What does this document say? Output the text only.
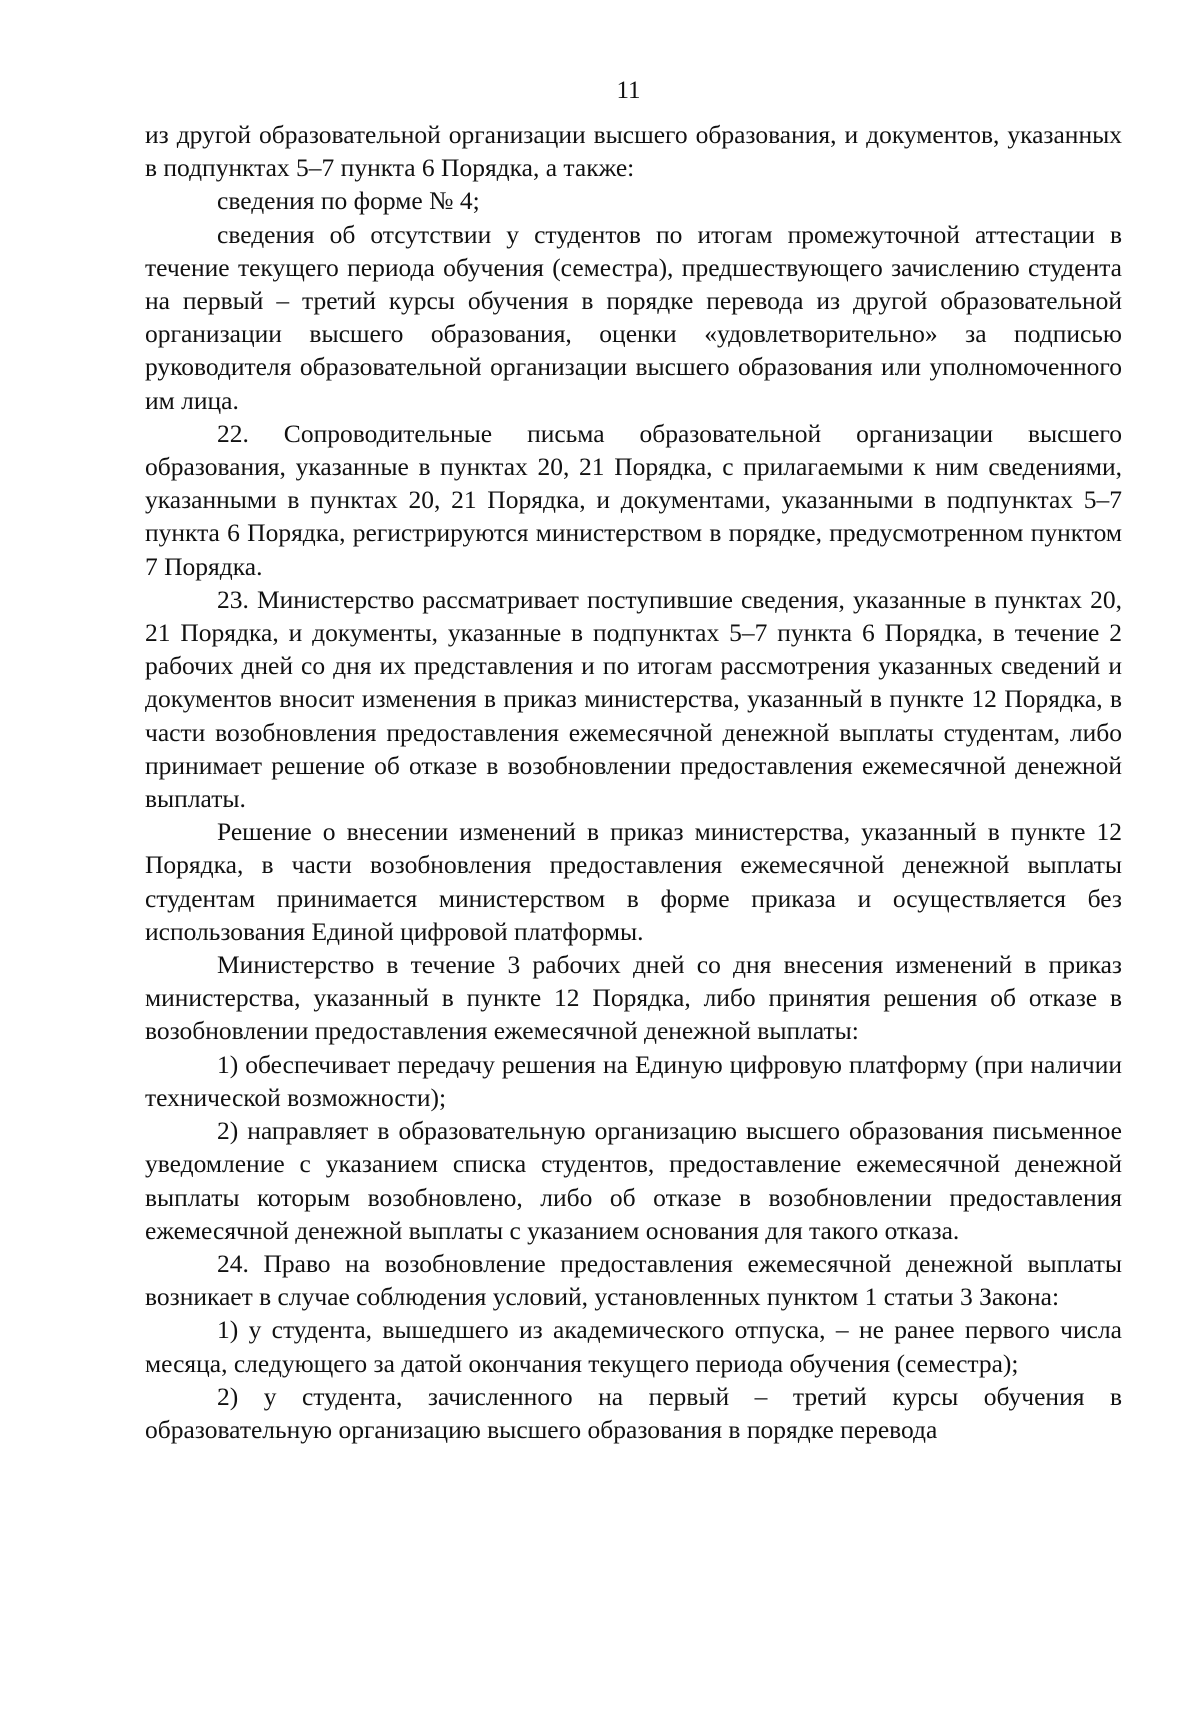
11

из другой образовательной организации высшего образования, и документов, указанных в подпунктах 5–7 пункта 6 Порядка, а также:

сведения по форме № 4;

сведения об отсутствии у студентов по итогам промежуточной аттестации в течение текущего периода обучения (семестра), предшествующего зачислению студента на первый – третий курсы обучения в порядке перевода из другой образовательной организации высшего образования, оценки «удовлетворительно» за подписью руководителя образовательной организации высшего образования или уполномоченного им лица.

22. Сопроводительные письма образовательной организации высшего образования, указанные в пунктах 20, 21 Порядка, с прилагаемыми к ним сведениями, указанными в пунктах 20, 21 Порядка, и документами, указанными в подпунктах 5–7 пункта 6 Порядка, регистрируются министерством в порядке, предусмотренном пунктом 7 Порядка.

23. Министерство рассматривает поступившие сведения, указанные в пунктах 20, 21 Порядка, и документы, указанные в подпунктах 5–7 пункта 6 Порядка, в течение 2 рабочих дней со дня их представления и по итогам рассмотрения указанных сведений и документов вносит изменения в приказ министерства, указанный в пункте 12 Порядка, в части возобновления предоставления ежемесячной денежной выплаты студентам, либо принимает решение об отказе в возобновлении предоставления ежемесячной денежной выплаты.

Решение о внесении изменений в приказ министерства, указанный в пункте 12 Порядка, в части возобновления предоставления ежемесячной денежной выплаты студентам принимается министерством в форме приказа и осуществляется без использования Единой цифровой платформы.

Министерство в течение 3 рабочих дней со дня внесения изменений в приказ министерства, указанный в пункте 12 Порядка, либо принятия решения об отказе в возобновлении предоставления ежемесячной денежной выплаты:

1) обеспечивает передачу решения на Единую цифровую платформу (при наличии технической возможности);

2) направляет в образовательную организацию высшего образования письменное уведомление с указанием списка студентов, предоставление ежемесячной денежной выплаты которым возобновлено, либо об отказе в возобновлении предоставления ежемесячной денежной выплаты с указанием основания для такого отказа.

24. Право на возобновление предоставления ежемесячной денежной выплаты возникает в случае соблюдения условий, установленных пунктом 1 статьи 3 Закона:

1) у студента, вышедшего из академического отпуска, – не ранее первого числа месяца, следующего за датой окончания текущего периода обучения (семестра);

2) у студента, зачисленного на первый – третий курсы обучения в образовательную организацию высшего образования в порядке перевода
